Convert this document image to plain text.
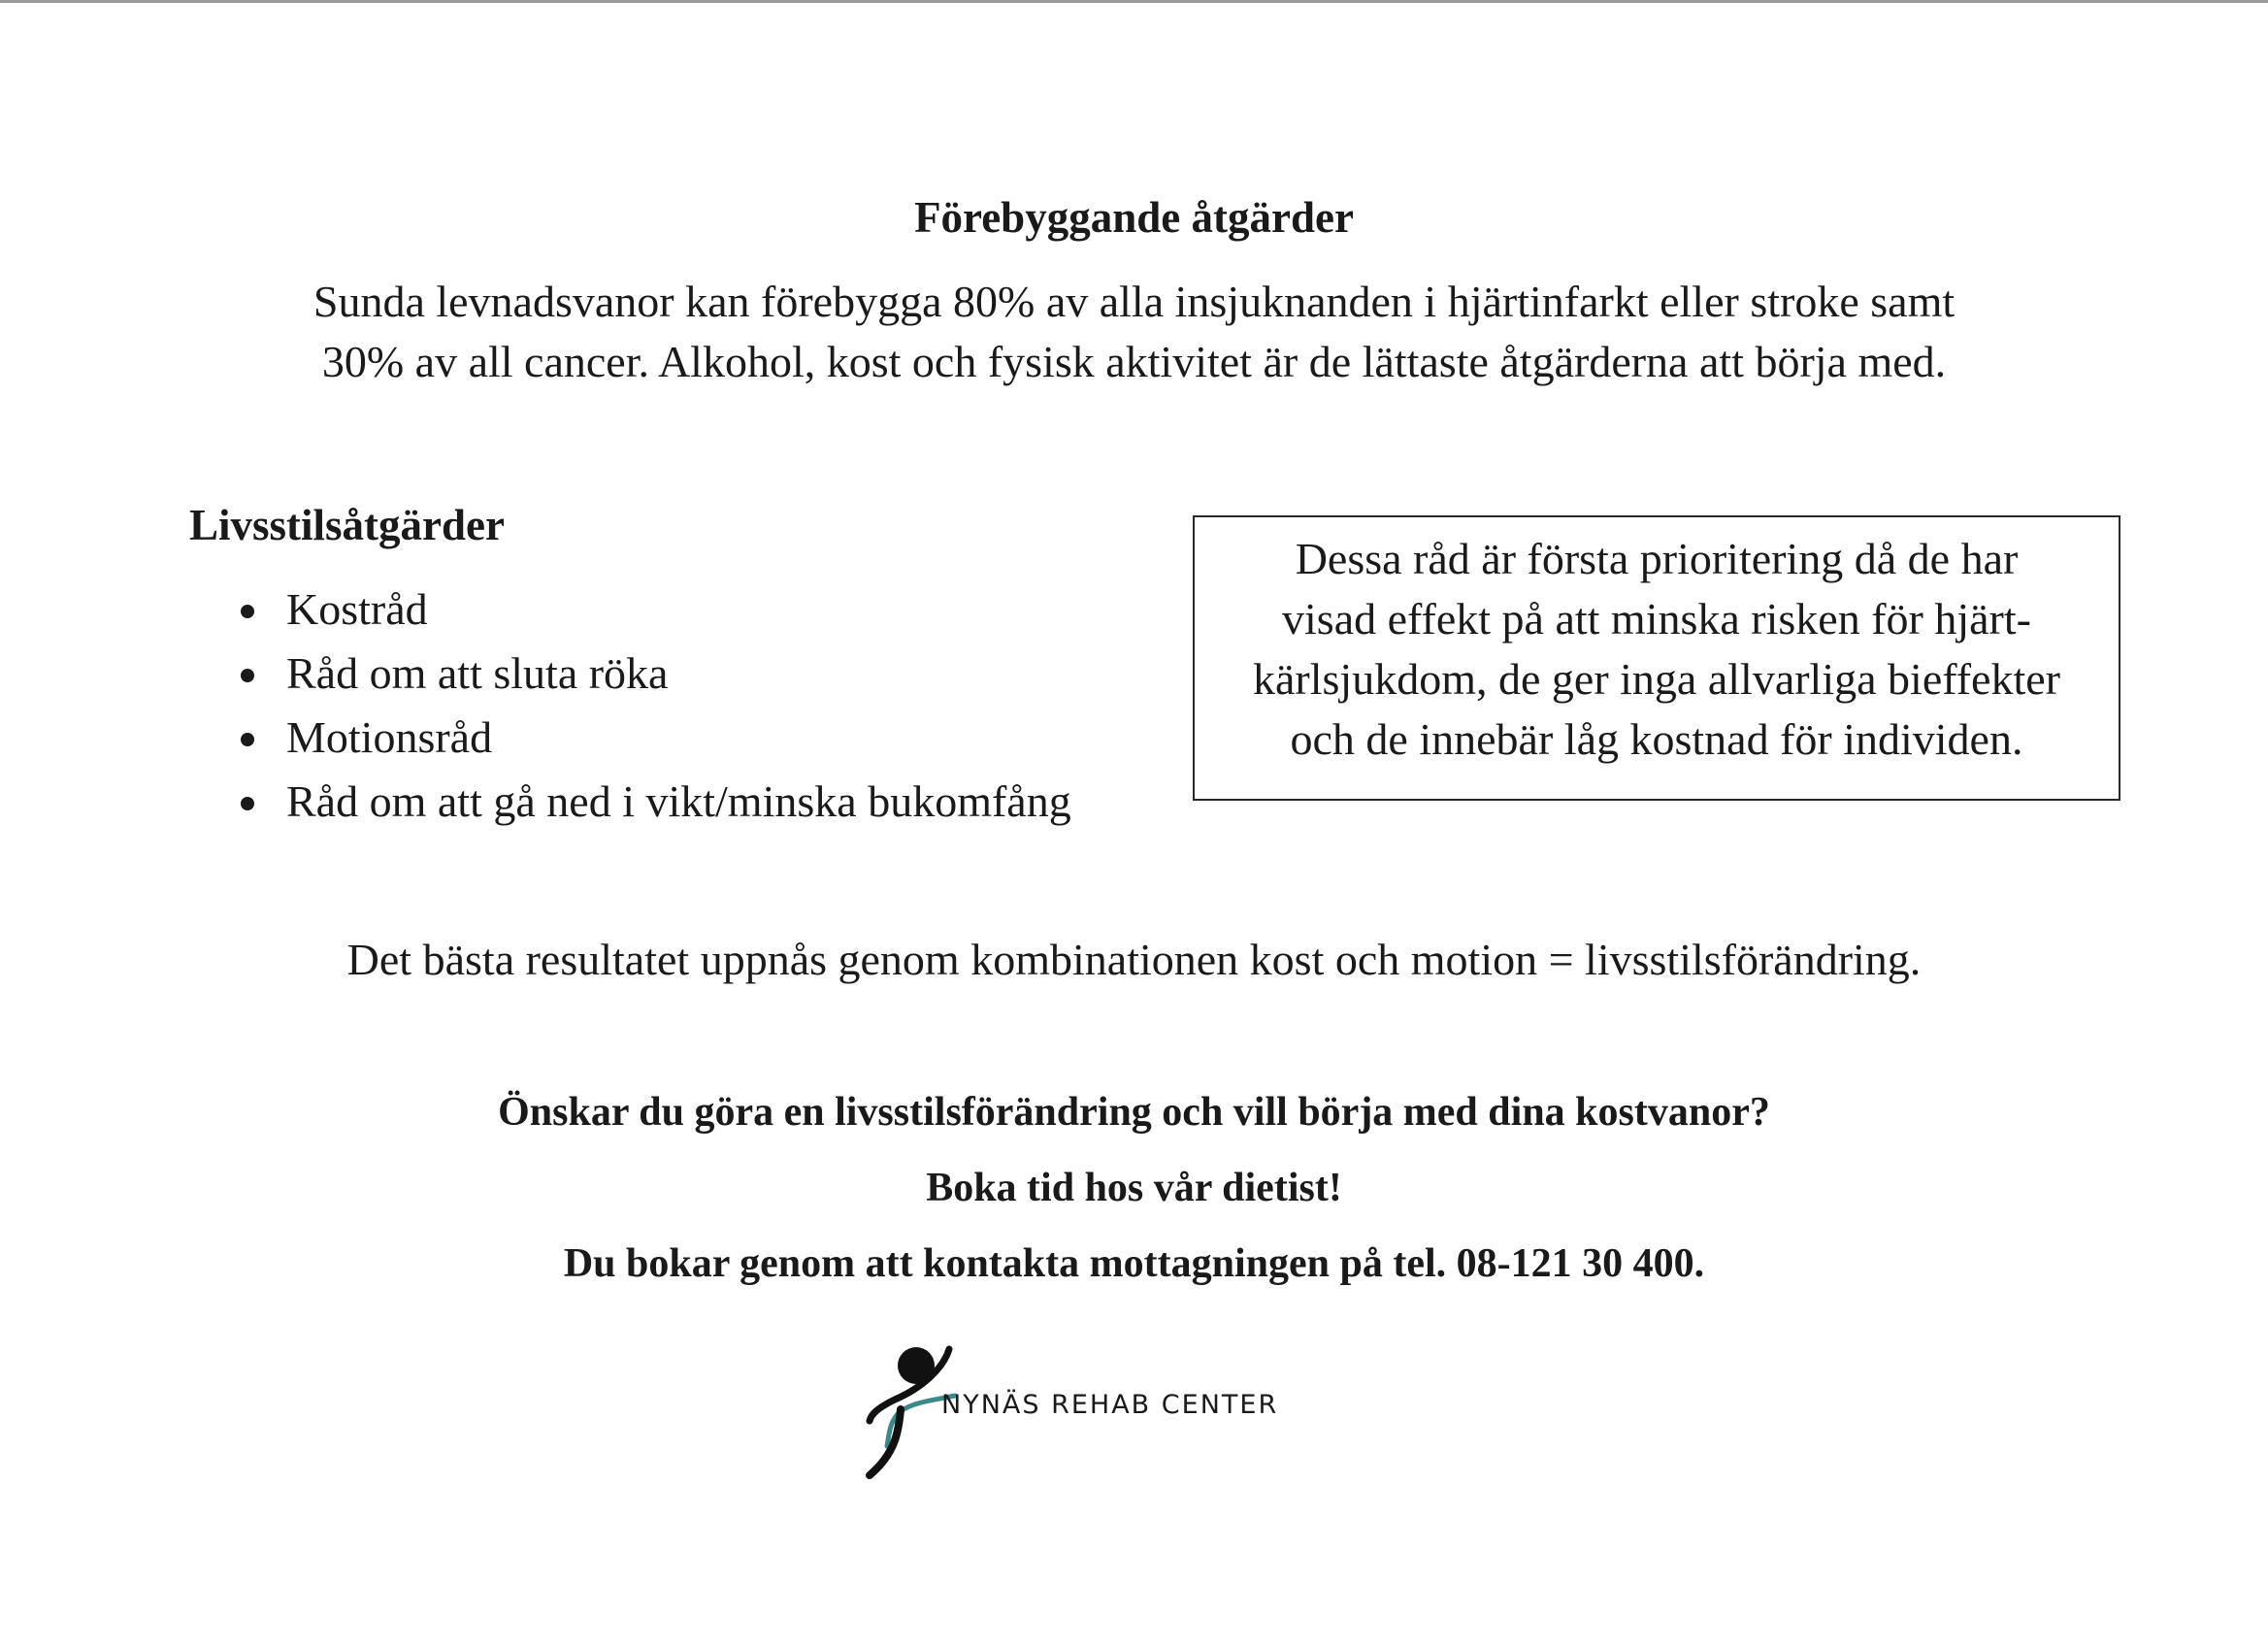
Förebyggande åtgärder
Sunda levnadsvanor kan förebygga 80% av alla insjuknanden i hjärtinfarkt eller stroke samt
30% av all cancer. Alkohol, kost och fysisk aktivitet är de lättaste åtgärderna att börja med.
Livsstilsåtgärder
Kostråd
Råd om att sluta röka
Motionsråd
Råd om att gå ned i vikt/minska bukomfång
Dessa råd är första prioritering då de har
visad effekt på att minska risken för hjärt-
kärlsjukdom, de ger inga allvarliga bieffekter
och de innebär låg kostnad för individen.
Det bästa resultatet uppnås genom kombinationen kost och motion = livsstilsförändring.
Önskar du göra en livsstilsförändring och vill börja med dina kostvanor?
Boka tid hos vår dietist!
Du bokar genom att kontakta mottagningen på tel. 08-121 30 400.
NYNÄS REHAB CENTER
